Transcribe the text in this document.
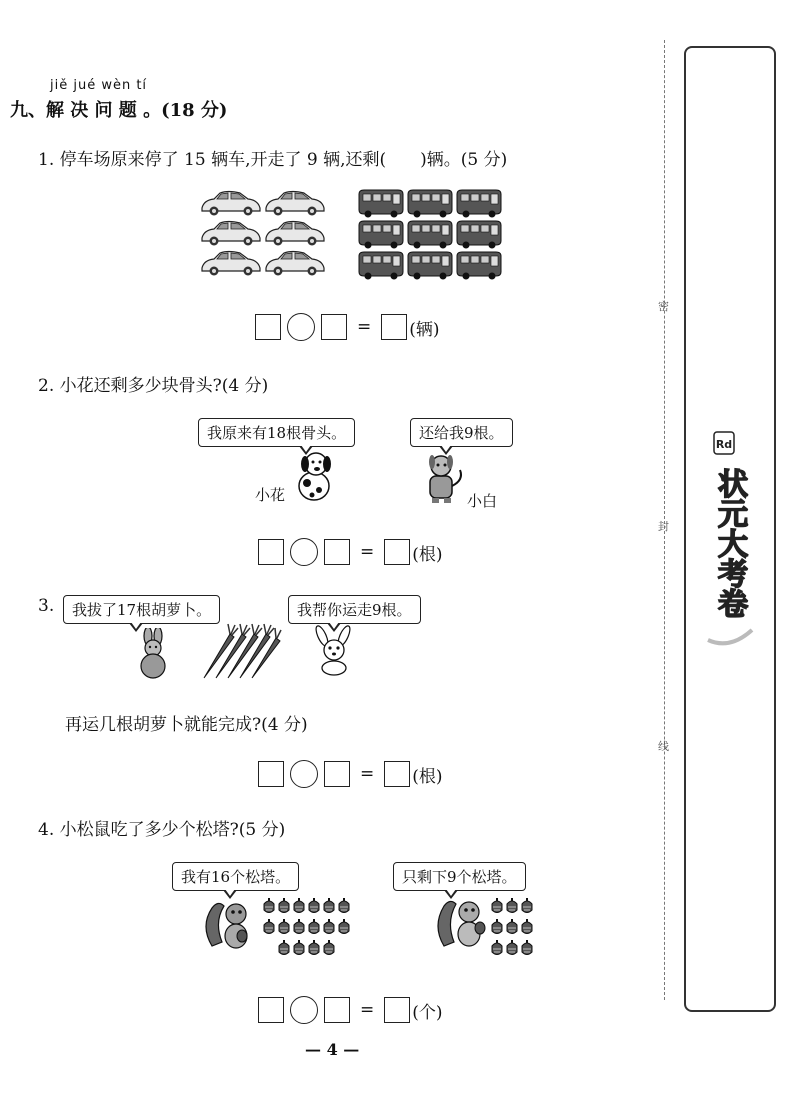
jiě jué wèn tí
九、解 决 问 题 。(18 分)
1. 停车场原来停了 15 辆车,开走了 9 辆,还剩(　　)辆。(5 分)
= (辆)
2. 小花还剩多少块骨头?(4 分)
我原来有18根骨头。	还给我9根。
小花	小白
= (根)
3.	我拔了17根胡萝卜。	我帮你运走9根。
再运几根胡萝卜就能完成?(4 分)
= (根)
4. 小松鼠吃了多少个松塔?(5 分)
我有16个松塔。	只剩下9个松塔。
= (个)
— 4 —
密
封
线
Rd
状元大考卷
